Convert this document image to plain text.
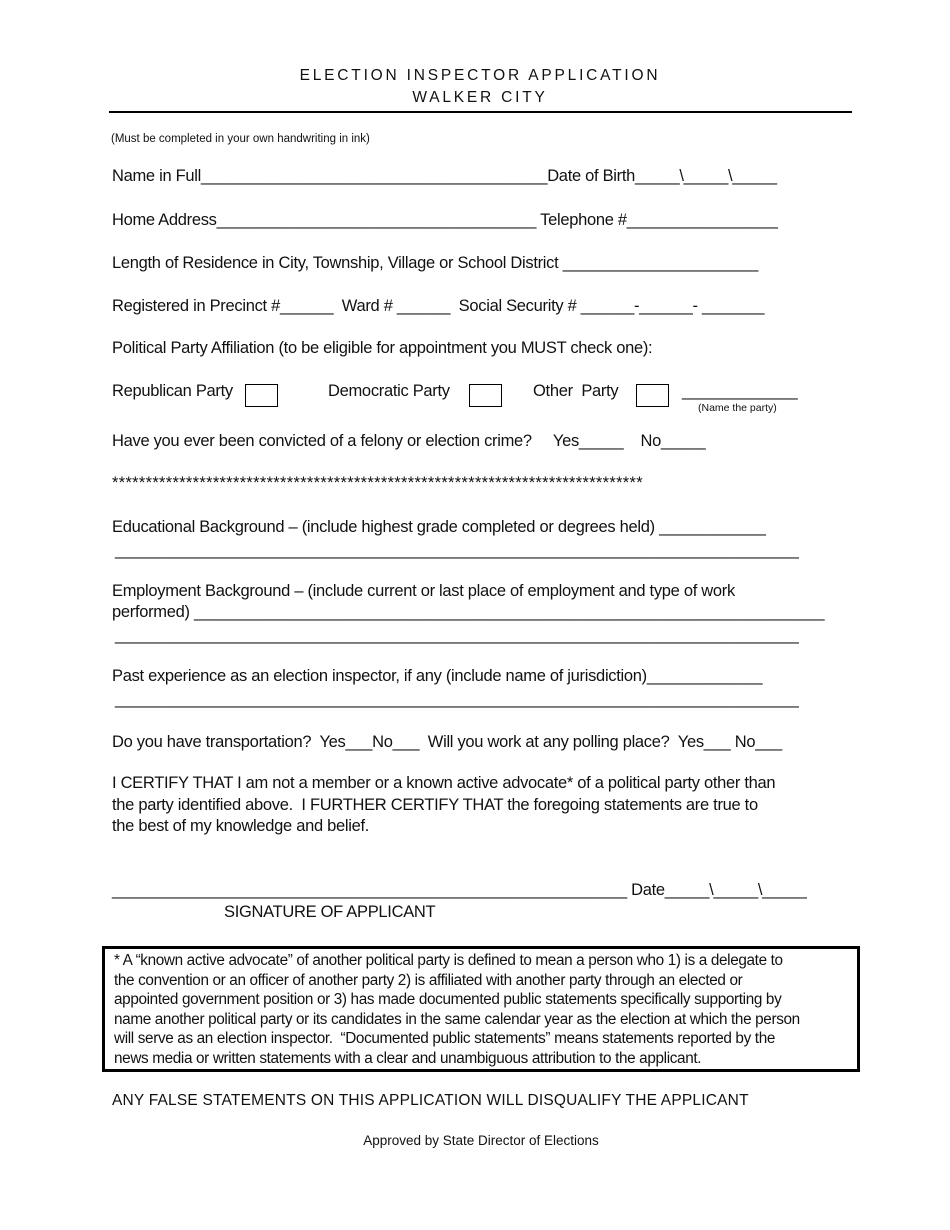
ELECTION INSPECTOR APPLICATION
WALKER CITY
(Must be completed in your own handwriting in ink)
Name in Full_______________________________________Date of Birth_____\_____\_____
Home Address____________________________________ Telephone #_________________
Length of Residence in City, Township, Village or School District ______________________
Registered in Precinct #______  Ward # ______  Social Security # ______-______- _______
Political Party Affiliation (to be eligible for appointment you MUST check one):
Republican Party	Democratic Party	Other  Party	_____________
(Name the party)
Have you ever been convicted of a felony or election crime?     Yes_____    No_____
*******************************************************************************
Educational Background – (include highest grade completed or degrees held) ____________
_____________________________________________________________________________
Employment Background – (include current or last place of employment and type of work
performed) _______________________________________________________________________
_____________________________________________________________________________
Past experience as an election inspector, if any (include name of jurisdiction)_____________
_____________________________________________________________________________
Do you have transportation?  Yes___No___  Will you work at any polling place?  Yes___ No___
I CERTIFY THAT I am not a member or a known active advocate* of a political party other than
the party identified above.  I FURTHER CERTIFY THAT the foregoing statements are true to
the best of my knowledge and belief.
__________________________________________________________ Date_____\_____\_____
SIGNATURE OF APPLICANT
* A “known active advocate” of another political party is defined to mean a person who 1) is a delegate to
the convention or an officer of another party 2) is affiliated with another party through an elected or
appointed government position or 3) has made documented public statements specifically supporting by
name another political party or its candidates in the same calendar year as the election at which the person
will serve as an election inspector.  “Documented public statements” means statements reported by the
news media or written statements with a clear and unambiguous attribution to the applicant.
ANY FALSE STATEMENTS ON THIS APPLICATION WILL DISQUALIFY THE APPLICANT
Approved by State Director of Elections
